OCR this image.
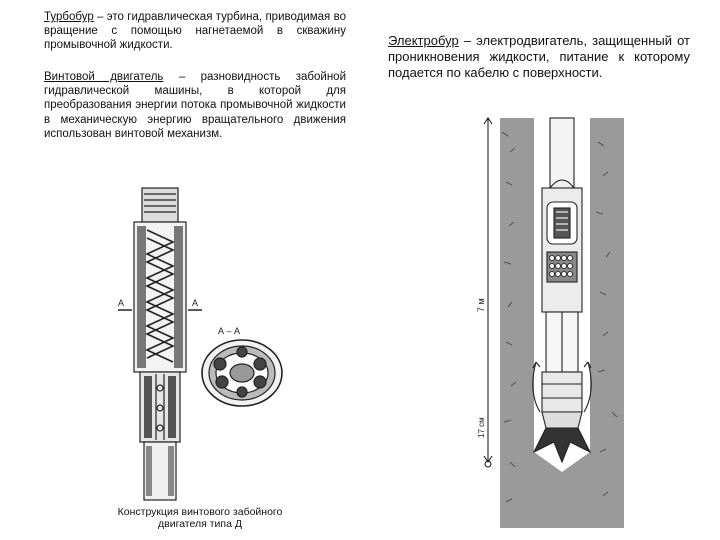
Турбобур – это гидравлическая турбина, приводимая во вращение с помощью нагнетаемой в скважину промывочной жидкости.
Винтовой двигатель – разновидность забойной гидравлической машины, в которой для преобразования энергии потока промывочной жидкости в механическую энергию вращательного движения использован винтовой механизм.
Электробур – электродвигатель, защищенный от проникновения жидкости, питание к которому подается по кабелю с поверхности.
А – А
А	А
Конструкция винтового забойного двигателя типа Д
7 м
17 см
